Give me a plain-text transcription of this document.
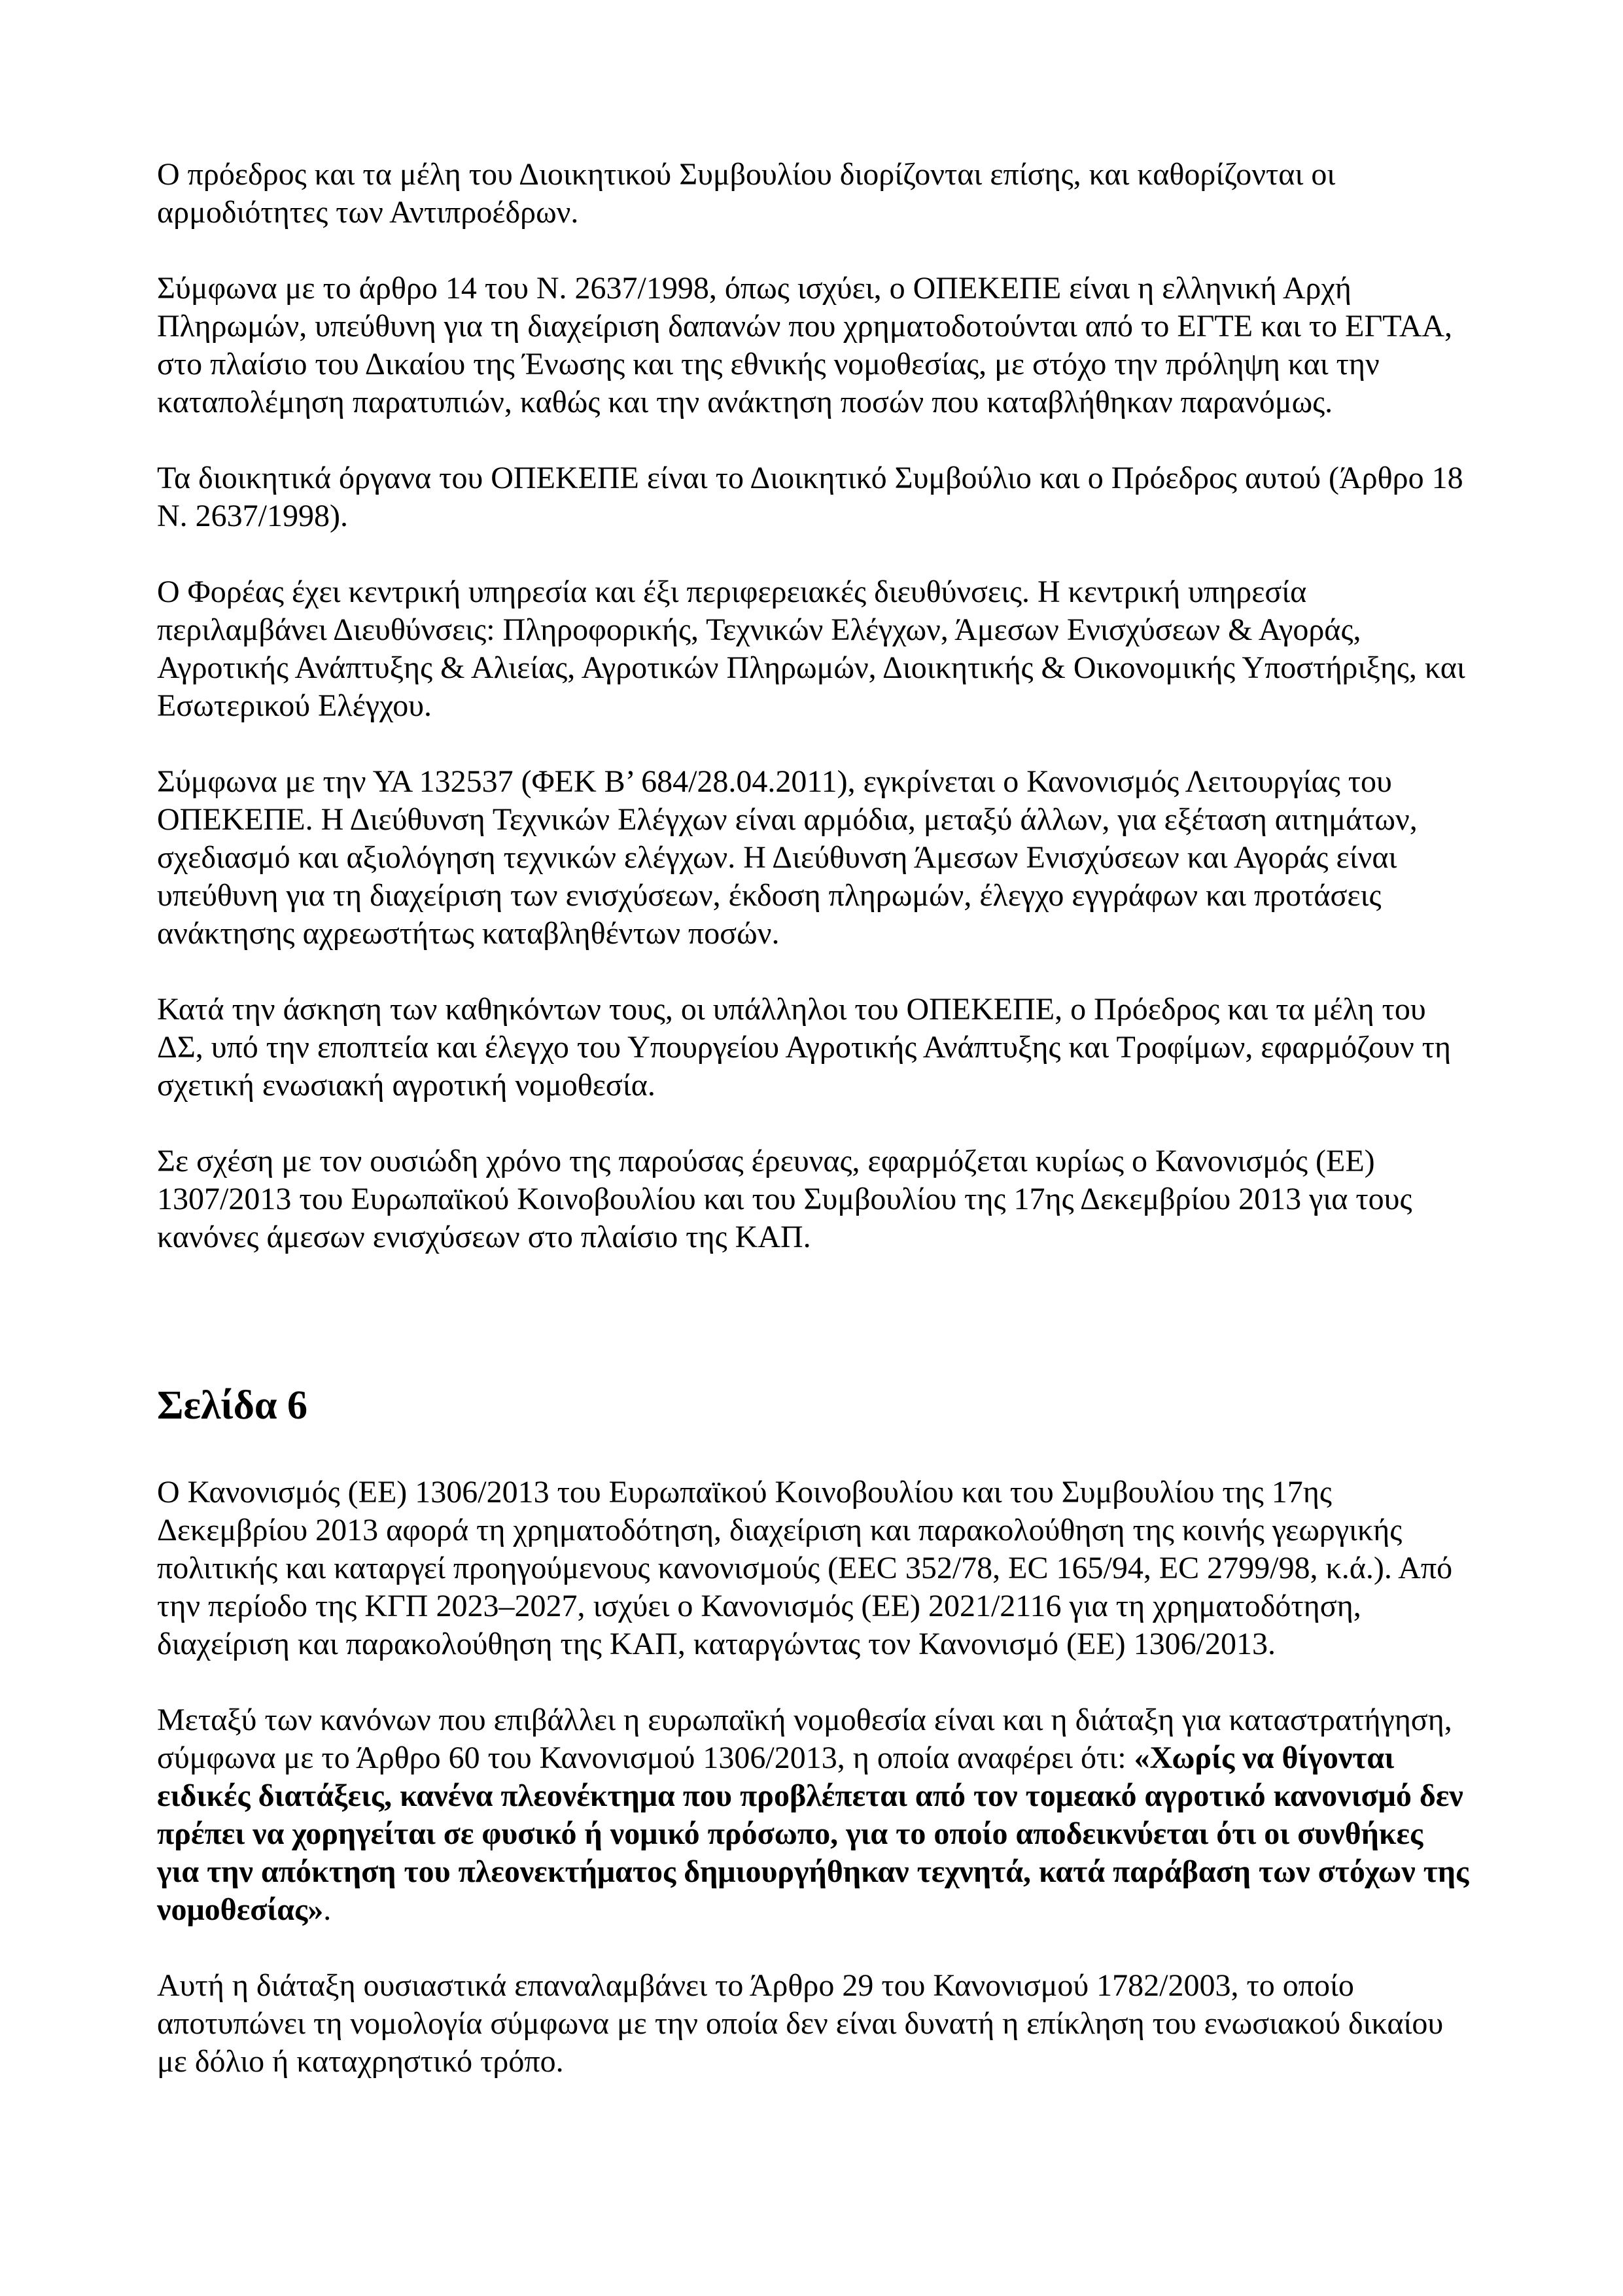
Ο πρόεδρος και τα μέλη του Διοικητικού Συμβουλίου διορίζονται επίσης, και καθορίζονται οι αρμοδιότητες των Αντιπροέδρων.

Σύμφωνα με το άρθρο 14 του Ν. 2637/1998, όπως ισχύει, ο ΟΠΕΚΕΠΕ είναι η ελληνική Αρχή Πληρωμών, υπεύθυνη για τη διαχείριση δαπανών που χρηματοδοτούνται από το ΕΓΤΕ και το ΕΓΤΑΑ, στο πλαίσιο του Δικαίου της Ένωσης και της εθνικής νομοθεσίας, με στόχο την πρόληψη και την καταπολέμηση παρατυπιών, καθώς και την ανάκτηση ποσών που καταβλήθηκαν παρανόμως.

Τα διοικητικά όργανα του ΟΠΕΚΕΠΕ είναι το Διοικητικό Συμβούλιο και ο Πρόεδρος αυτού (Άρθρο 18 Ν. 2637/1998).

Ο Φορέας έχει κεντρική υπηρεσία και έξι περιφερειακές διευθύνσεις. Η κεντρική υπηρεσία περιλαμβάνει Διευθύνσεις: Πληροφορικής, Τεχνικών Ελέγχων, Άμεσων Ενισχύσεων & Αγοράς, Αγροτικής Ανάπτυξης & Αλιείας, Αγροτικών Πληρωμών, Διοικητικής & Οικονομικής Υποστήριξης, και Εσωτερικού Ελέγχου.

Σύμφωνα με την ΥΑ 132537 (ΦΕΚ Β’ 684/28.04.2011), εγκρίνεται ο Κανονισμός Λειτουργίας του ΟΠΕΚΕΠΕ. Η Διεύθυνση Τεχνικών Ελέγχων είναι αρμόδια, μεταξύ άλλων, για εξέταση αιτημάτων, σχεδιασμό και αξιολόγηση τεχνικών ελέγχων. Η Διεύθυνση Άμεσων Ενισχύσεων και Αγοράς είναι υπεύθυνη για τη διαχείριση των ενισχύσεων, έκδοση πληρωμών, έλεγχο εγγράφων και προτάσεις ανάκτησης αχρεωστήτως καταβληθέντων ποσών.

Κατά την άσκηση των καθηκόντων τους, οι υπάλληλοι του ΟΠΕΚΕΠΕ, ο Πρόεδρος και τα μέλη του ΔΣ, υπό την εποπτεία και έλεγχο του Υπουργείου Αγροτικής Ανάπτυξης και Τροφίμων, εφαρμόζουν τη σχετική ενωσιακή αγροτική νομοθεσία.

Σε σχέση με τον ουσιώδη χρόνο της παρούσας έρευνας, εφαρμόζεται κυρίως ο Κανονισμός (ΕΕ) 1307/2013 του Ευρωπαϊκού Κοινοβουλίου και του Συμβουλίου της 17ης Δεκεμβρίου 2013 για τους κανόνες άμεσων ενισχύσεων στο πλαίσιο της ΚΑΠ.

Σελίδα 6

Ο Κανονισμός (ΕΕ) 1306/2013 του Ευρωπαϊκού Κοινοβουλίου και του Συμβουλίου της 17ης Δεκεμβρίου 2013 αφορά τη χρηματοδότηση, διαχείριση και παρακολούθηση της κοινής γεωργικής πολιτικής και καταργεί προηγούμενους κανονισμούς (ΕΕC 352/78, ΕC 165/94, ΕC 2799/98, κ.ά.). Από την περίοδο της ΚΓΠ 2023–2027, ισχύει ο Κανονισμός (ΕΕ) 2021/2116 για τη χρηματοδότηση, διαχείριση και παρακολούθηση της ΚΑΠ, καταργώντας τον Κανονισμό (ΕΕ) 1306/2013.

Μεταξύ των κανόνων που επιβάλλει η ευρωπαϊκή νομοθεσία είναι και η διάταξη για καταστρατήγηση, σύμφωνα με το Άρθρο 60 του Κανονισμού 1306/2013, η οποία αναφέρει ότι: «Χωρίς να θίγονται ειδικές διατάξεις, κανένα πλεονέκτημα που προβλέπεται από τον τομεακό αγροτικό κανονισμό δεν πρέπει να χορηγείται σε φυσικό ή νομικό πρόσωπο, για το οποίο αποδεικνύεται ότι οι συνθήκες για την απόκτηση του πλεονεκτήματος δημιουργήθηκαν τεχνητά, κατά παράβαση των στόχων της νομοθεσίας».

Αυτή η διάταξη ουσιαστικά επαναλαμβάνει το Άρθρο 29 του Κανονισμού 1782/2003, το οποίο αποτυπώνει τη νομολογία σύμφωνα με την οποία δεν είναι δυνατή η επίκληση του ενωσιακού δικαίου με δόλιο ή καταχρηστικό τρόπο.
